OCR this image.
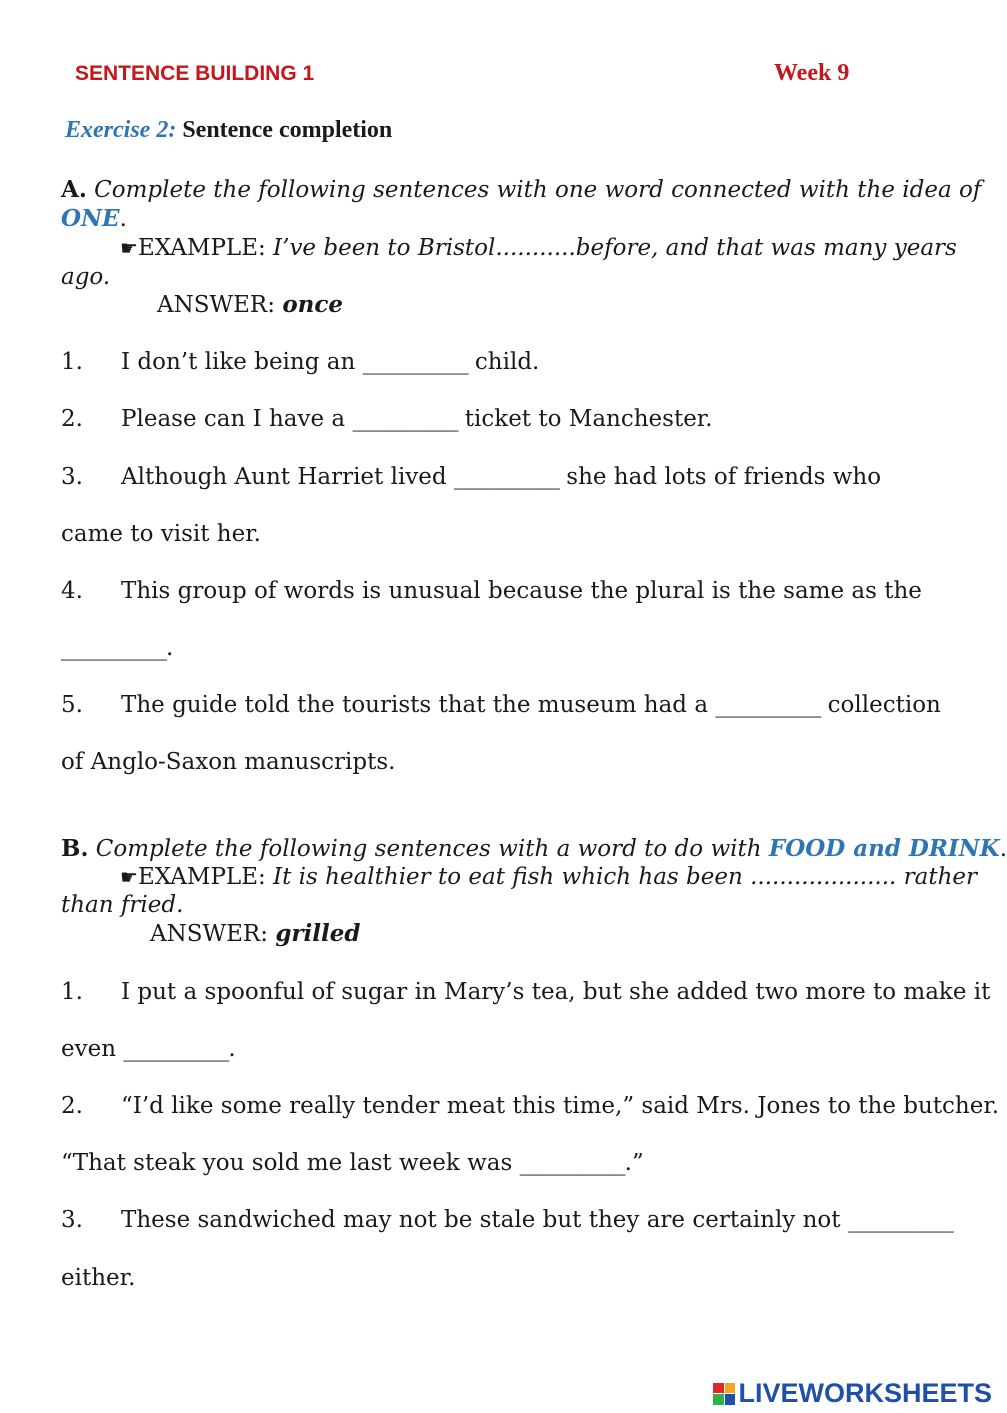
SENTENCE BUILDING 1	Week 9
Exercise 2: Sentence completion
A. Complete the following sentences with one word connected with the idea of
ONE.
☛EXAMPLE: I’ve been to Bristol...........before, and that was many years
ago.
ANSWER: once
1. I don’t like being an __________ child.
2. Please can I have a __________ ticket to Manchester.
3. Although Aunt Harriet lived __________ she had lots of friends who
came to visit her.
4. This group of words is unusual because the plural is the same as the
__________.
5. The guide told the tourists that the museum had a __________ collection
of Anglo-Saxon manuscripts.
B. Complete the following sentences with a word to do with FOOD and DRINK.
☛EXAMPLE: It is healthier to eat fish which has been .................... rather
than fried.
ANSWER: grilled
1. I put a spoonful of sugar in Mary’s tea, but she added two more to make it
even __________.
2. “I’d like some really tender meat this time,” said Mrs. Jones to the butcher.
“That steak you sold me last week was __________.”
3. These sandwiched may not be stale but they are certainly not __________
either.
LIVEWORKSHEETS
